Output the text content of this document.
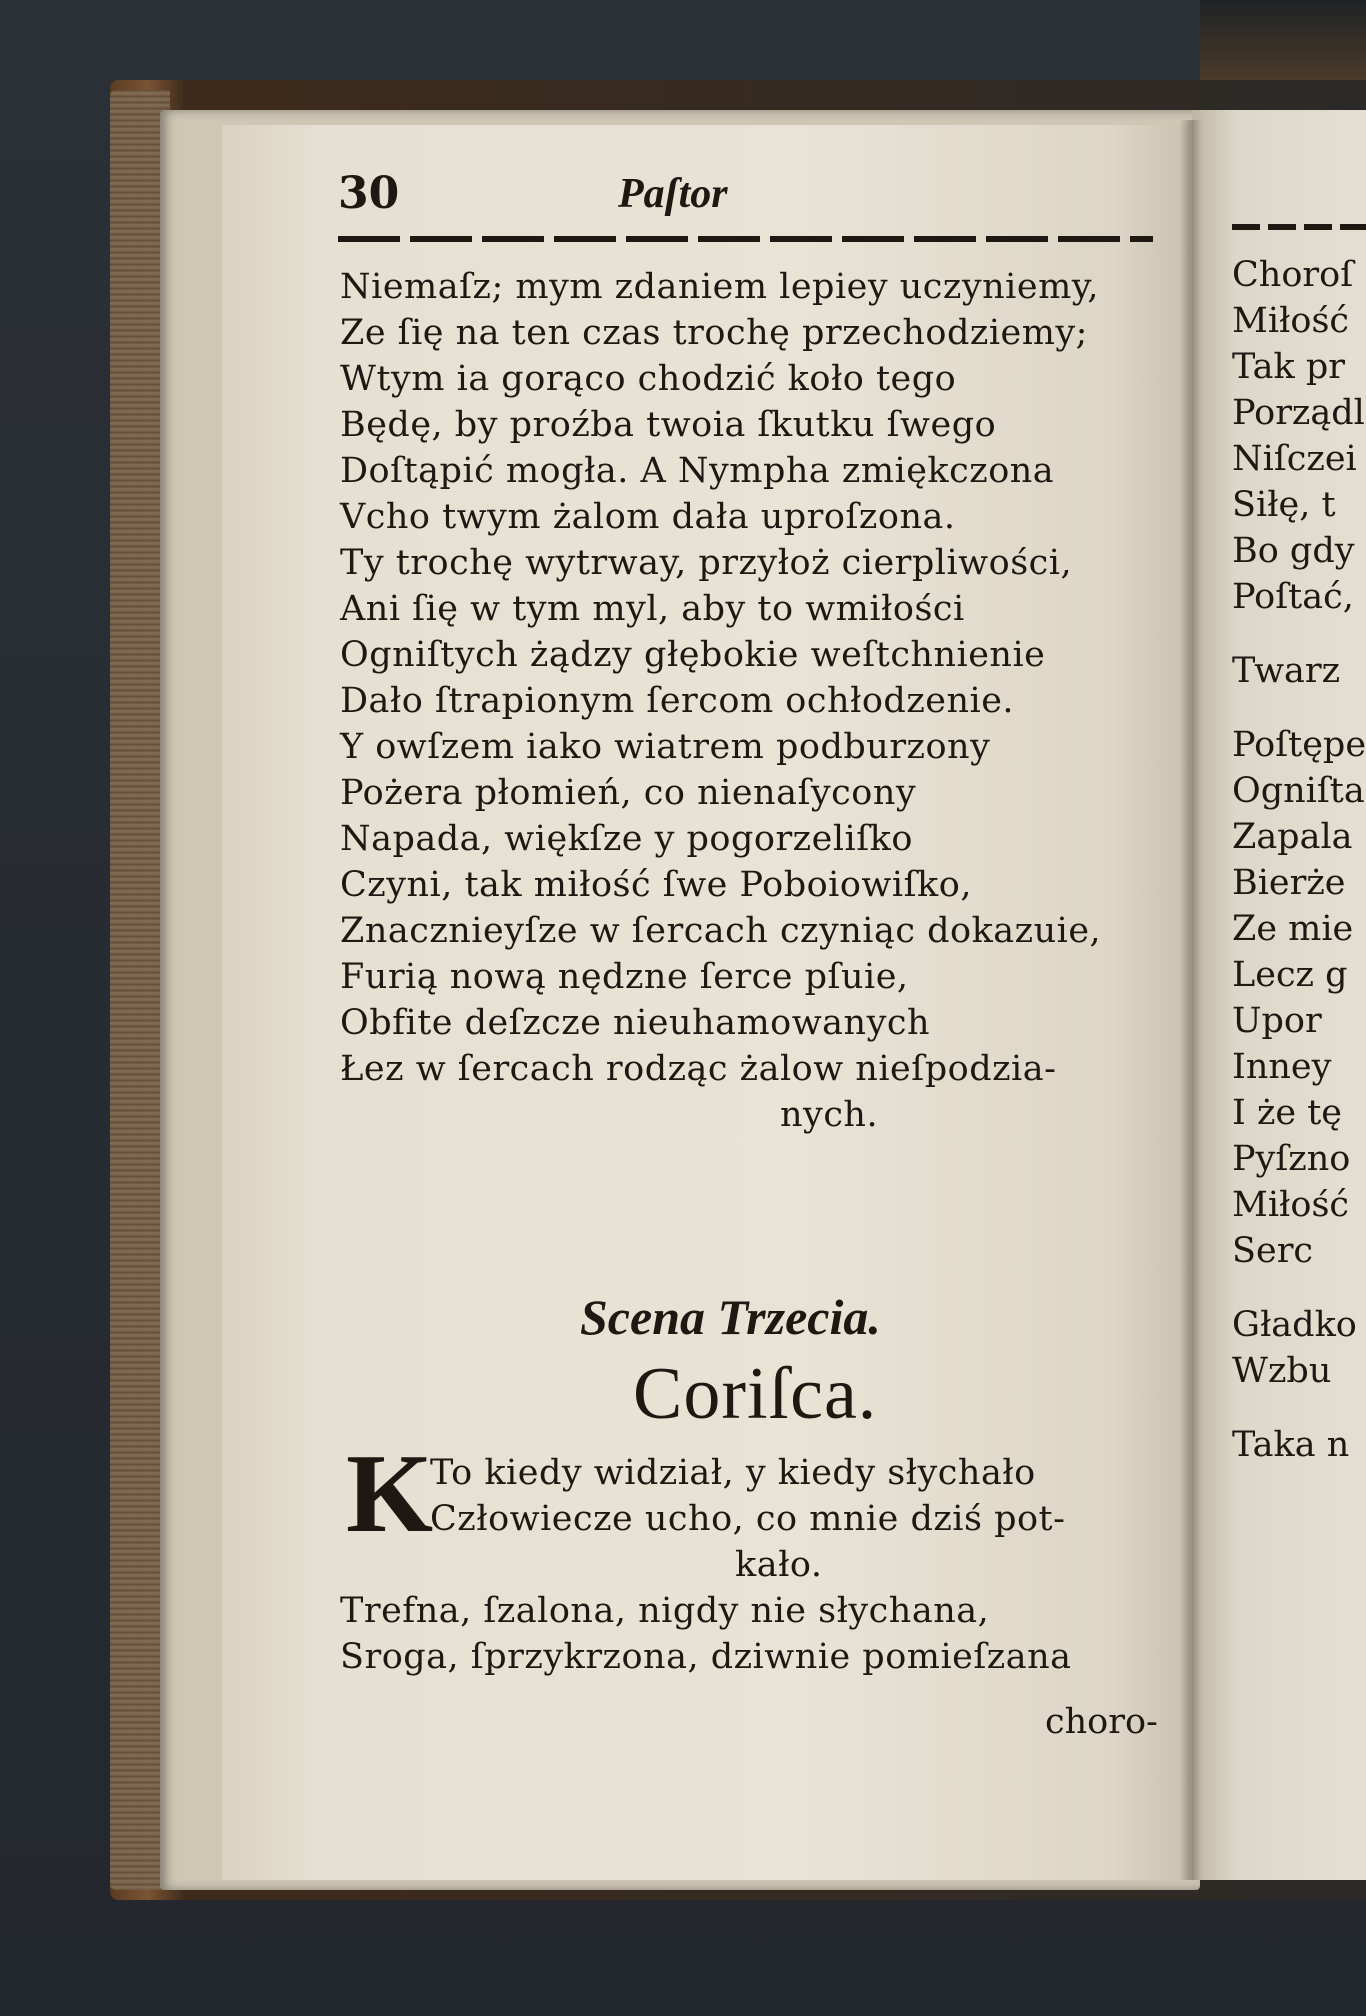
30	Paſtor
Niemaſz; mym zdaniem lepiey uczyniemy,
Ze ſię na ten czas trochę przechodziemy;
Wtym ia gorąco chodzić koło tego
Będę, by proźba twoia ſkutku ſwego
Doſtąpić mogła. A Nympha zmiękczona
Vcho twym żalom dała uproſzona.
Ty trochę wytrway, przyłoż cierpliwości,
Ani ſię w tym myl, aby to wmiłości
Ogniſtych żądzy głębokie weſtchnienie
Dało ſtrapionym ſercom ochłodzenie.
Y owſzem iako wiatrem podburzony
Pożera płomień, co nienaſycony
Napada, więkſze y pogorzeliſko
Czyni, tak miłość ſwe Poboiowiſko,
Znacznieyſze w ſercach czyniąc dokazuie,
Furią nową nędzne ſerce pſuie,
Obfite deſzcze nieuhamowanych
Łez w ſercach rodząc żalow nieſpodzia-
nych.
Scena Trzecia.
Coriſca.
K
To kiedy widział, y kiedy słychało
Człowiecze ucho, co mnie dziś pot-
kało.
Trefna, ſzalona, nigdy nie słychana,
Sroga, ſprzykrzona, dziwnie pomieſzana
choro-
Choroſ
Miłość
Tak pr
Porządl
Niſczei
Siłę, t
Bo gdy
Poſtać,
Twarz
Poſtępe
Ogniſta
Zapala
Bierże
Ze mie
Lecz g
Upor
Inney
I że tę
Pyſzno
Miłość
Serc
Gładko
Wzbu
Taka n
